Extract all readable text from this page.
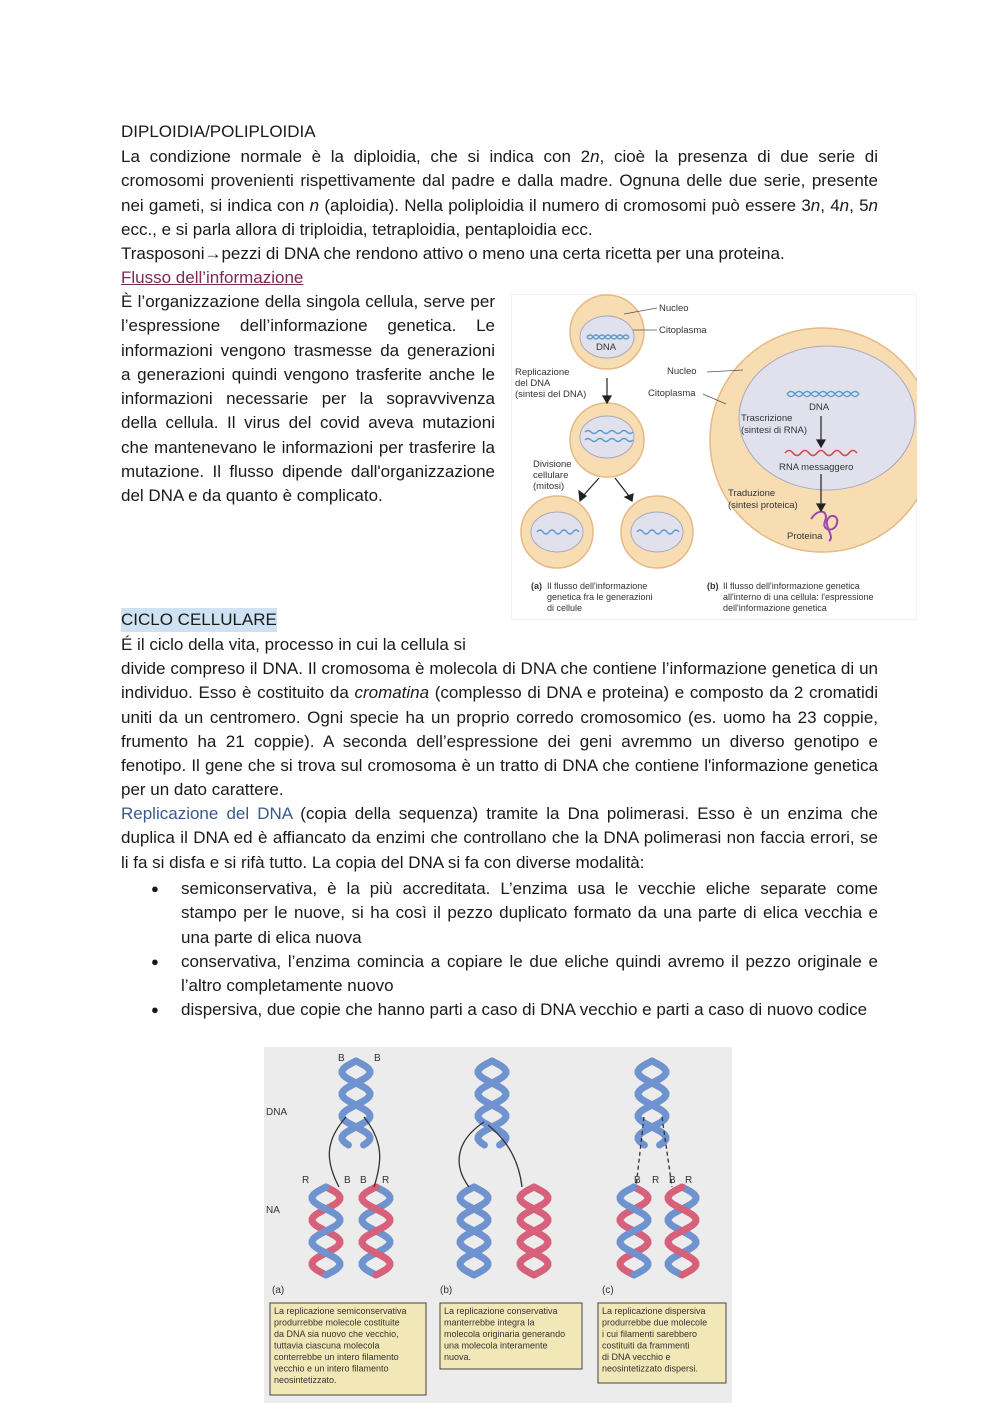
DIPLOIDIA/POLIPLOIDIA
La condizione normale è la diploidia, che si indica con 2n, cioè la presenza di due serie di cromosomi provenienti rispettivamente dal padre e dalla madre. Ognuna delle due serie, presente nei gameti, si indica con n (aploidia). Nella poliploidia il numero di cromosomi può essere 3n, 4n, 5n ecc., e si parla allora di triploidia, tetraploidia, pentaploidia ecc.
Trasposoni→pezzi di DNA che rendono attivo o meno una certa ricetta per una proteina.
Flusso dell’informazione
È l’organizzazione della singola cellula, serve per l’espressione dell’informazione genetica. Le informazioni vengono trasmesse da generazioni a generazioni quindi vengono trasferite anche le informazioni necessarie per la sopravvivenza della cellula. Il virus del covid aveva mutazioni che mantenevano le informazioni per trasferire la mutazione. Il flusso dipende dall'organizzazione del DNA e da quanto è complicato.
Nucleo
Citoplasma
DNA
Replicazione
del DNA
(sintesi del DNA)
Nucleo
Citoplasma
DNA
Trascrizione
(sintesi di RNA)
RNA messaggero
Divisione
cellulare
(mitosi)
Traduzione
(sintesi proteica)
Proteina
(a) Il flusso dell'informazione
genetica fra le generazioni
di cellule
(b) Il flusso dell'informazione genetica
all'interno di una cellula: l'espressione
dell'informazione genetica
CICLO CELLULARE
É il ciclo della vita, processo in cui la cellula si
divide compreso il DNA. Il cromosoma è molecola di DNA che contiene l’informazione genetica di un individuo. Esso è costituito da cromatina (complesso di DNA e proteina) e composto da 2 cromatidi uniti da un centromero. Ogni specie ha un proprio corredo cromosomico (es. uomo ha 23 coppie, frumento ha 21 coppie). A seconda dell’espressione dei geni avremmo un diverso genotipo e fenotipo. Il gene che si trova sul cromosoma è un tratto di DNA che contiene l'informazione genetica per un dato carattere.
Replicazione del DNA (copia della sequenza) tramite la Dna polimerasi. Esso è un enzima che duplica il DNA ed è affiancato da enzimi che controllano che la DNA polimerasi non faccia errori, se li fa si disfa e si rifà tutto. La copia del DNA si fa con diverse modalità:
● semiconservativa, è la più accreditata. L’enzima usa le vecchie eliche separate come stampo per le nuove, si ha così il pezzo duplicato formato da una parte di elica vecchia e una parte di elica nuova
● conservativa, l’enzima comincia a copiare le due eliche quindi avremo il pezzo originale e l’altro completamente nuovo
● dispersiva, due copie che hanno parti a caso di DNA vecchio e parti a caso di nuovo codice
DNA
NA
B	B
R	B B R	B R B R
(a)	(b)	(c)
La replicazione semiconservativa
produrrebbe molecole costituite
da DNA sia nuovo che vecchio,
tuttavia ciascuna molecola
conterrebbe un intero filamento
vecchio e un intero filamento
neosintetizzato.
La replicazione conservativa
manterrebbe integra la
molecola originaria generando
una molecola interamente
nuova.
La replicazione dispersiva
produrrebbe due molecole
i cui filamenti sarebbero
costituiti da frammenti
di DNA vecchio e
neosintetizzato dispersi.
